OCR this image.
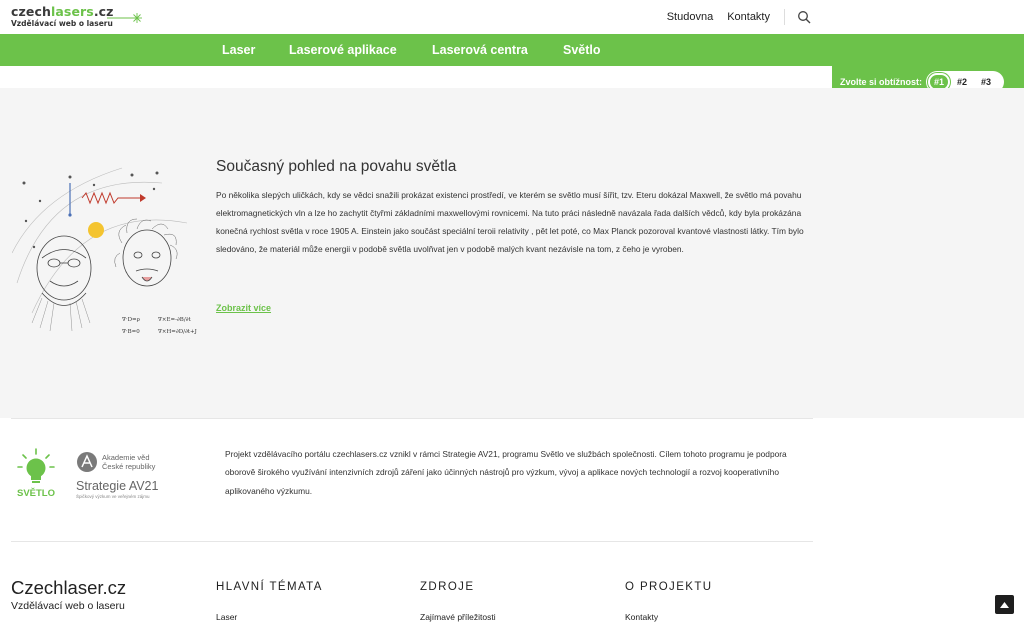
czechlasers.cz
Vzdělávací web o laseru
Studovna Kontakty
Laser	Laserové aplikace	Laserová centra	Světlo
Zvolte si obtížnost:	#1	#2	#3
∇·D=ρ
∇·B=0
∇×E=-∂B/∂t
∇×H=∂D/∂t+J
Současný pohled na povahu světla

Po několika slepých uličkách, kdy se vědci snažili prokázat existenci prostředí, ve kterém se světlo musí šířit, tzv. Eteru dokázal Maxwell, že světlo má povahu elektromagnetických vln a lze ho zachytit čtyřmi základními maxwellovými rovnicemi. Na tuto práci následně navázala řada dalších vědců, kdy byla prokázána konečná rychlost světla v roce 1905 A. Einstein jako součást speciální teroii relativity , pět let poté, co Max Planck pozoroval kvantové vlastnosti látky. Tím bylo sledováno, že materiál může energii v podobě světla uvolňvat jen v podobě malých kvant nezávisle na tom, z čeho je vyroben.

Zobrazit více
SVĚTLO
Akademie věd
České republiky
Strategie AV21
Špičkový výzkum ve veřejném zájmu

Projekt vzdělávacího portálu czechlasers.cz vznikl v rámci Strategie AV21, programu Světlo ve službách společnosti. Cílem tohoto programu je podpora oborově širokého využívání intenzivních zdrojů záření jako účinných nástrojů pro výzkum, vývoj a aplikace nových technologií a rozvoj kooperativního aplikovaného výzkumu.

Czechlaser.cz
Vzdělávací web o laseru
HLAVNÍ TÉMATA	ZDROJE	O PROJEKTU
Laser	Zajímavé příležitosti	Kontakty
